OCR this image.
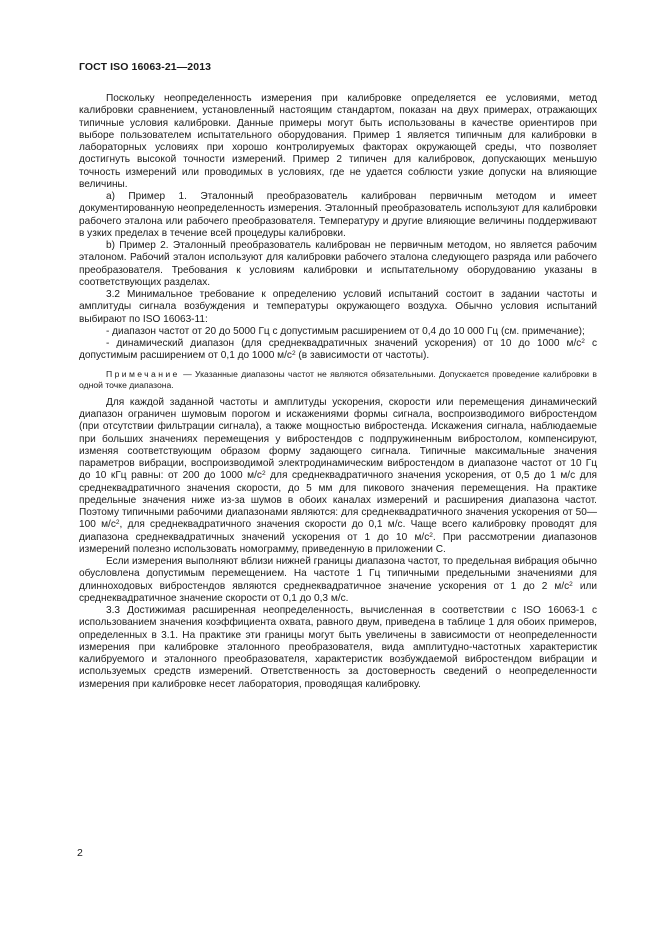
ГОСТ ISO 16063-21—2013

Поскольку неопределенность измерения при калибровке определяется ее условиями, метод калибровки сравнением, установленный настоящим стандартом, показан на двух примерах, отражающих типичные условия калибровки. Данные примеры могут быть использованы в качестве ориентиров при выборе пользователем испытательного оборудования. Пример 1 является типичным для калибровки в лабораторных условиях при хорошо контролируемых факторах окружающей среды, что позволяет достигнуть высокой точности измерений. Пример 2 типичен для калибровок, допускающих меньшую точность измерений или проводимых в условиях, где не удается соблюсти узкие допуски на влияющие величины.

а) Пример 1. Эталонный преобразователь калиброван первичным методом и имеет документированную неопределенность измерения. Эталонный преобразователь используют для калибровки рабочего эталона или рабочего преобразователя. Температуру и другие влияющие величины поддерживают в узких пределах в течение всей процедуры калибровки.

b) Пример 2. Эталонный преобразователь калиброван не первичным методом, но является рабочим эталоном. Рабочий эталон используют для калибровки рабочего эталона следующего разряда или рабочего преобразователя. Требования к условиям калибровки и испытательному оборудованию указаны в соответствующих разделах.

3.2 Минимальное требование к определению условий испытаний состоит в задании частоты и амплитуды сигнала возбуждения и температуры окружающего воздуха. Обычно условия испытаний выбирают по ISO 16063-11:

- диапазон частот от 20 до 5000 Гц с допустимым расширением от 0,4 до 10 000 Гц (см. примечание);

- динамический диапазон (для среднеквадратичных значений ускорения) от 10 до 1000 $м/с^2$ с допустимым расширением от 0,1 до 1000 $м/с^2$ (в зависимости от частоты).

Примечание — Указанные диапазоны частот не являются обязательными. Допускается проведение калибровки в одной точке диапазона.

Для каждой заданной частоты и амплитуды ускорения, скорости или перемещения динамический диапазон ограничен шумовым порогом и искажениями формы сигнала, воспроизводимого вибростендом (при отсутствии фильтрации сигнала), а также мощностью вибростенда. Искажения сигнала, наблюдаемые при больших значениях перемещения у вибростендов с подпружиненным вибростолом, компенсируют, изменяя соответствующим образом форму задающего сигнала. Типичные максимальные значения параметров вибрации, воспроизводимой электродинамическим вибростендом в диапазоне частот от 10 Гц до 10 кГц равны: от 200 до 1000 $м/с^2$ для среднеквадратичного значения ускорения, от 0,5 до 1 м/с для среднеквадратичного значения скорости, до 5 мм для пикового значения перемещения. На практике предельные значения ниже из-за шумов в обоих каналах измерений и расширения диапазона частот. Поэтому типичными рабочими диапазонами являются: для среднеквадратичного значения ускорения от 50—100 $м/с^2$, для среднеквадратичного значения скорости до 0,1 м/с. Чаще всего калибровку проводят для диапазона среднеквадратичных значений ускорения от 1 до 10 $м/с^2$. При рассмотрении диапазонов измерений полезно использовать номограмму, приведенную в приложении С.

Если измерения выполняют вблизи нижней границы диапазона частот, то предельная вибрация обычно обусловлена допустимым перемещением. На частоте 1 Гц типичными предельными значениями для длинноходовых вибростендов являются среднеквадратичное значение ускорения от 1 до 2 $м/с^2$ или среднеквадратичное значение скорости от 0,1 до 0,3 м/с.

3.3 Достижимая расширенная неопределенность, вычисленная в соответствии с ISO 16063-1 с использованием значения коэффициента охвата, равного двум, приведена в таблице 1 для обоих примеров, определенных в 3.1. На практике эти границы могут быть увеличены в зависимости от неопределенности измерения при калибровке эталонного преобразователя, вида амплитудно-частотных характеристик калибруемого и эталонного преобразователя, характеристик возбуждаемой вибростендом вибрации и используемых средств измерений. Ответственность за достоверность сведений о неопределенности измерения при калибровке несет лаборатория, проводящая калибровку.

2
